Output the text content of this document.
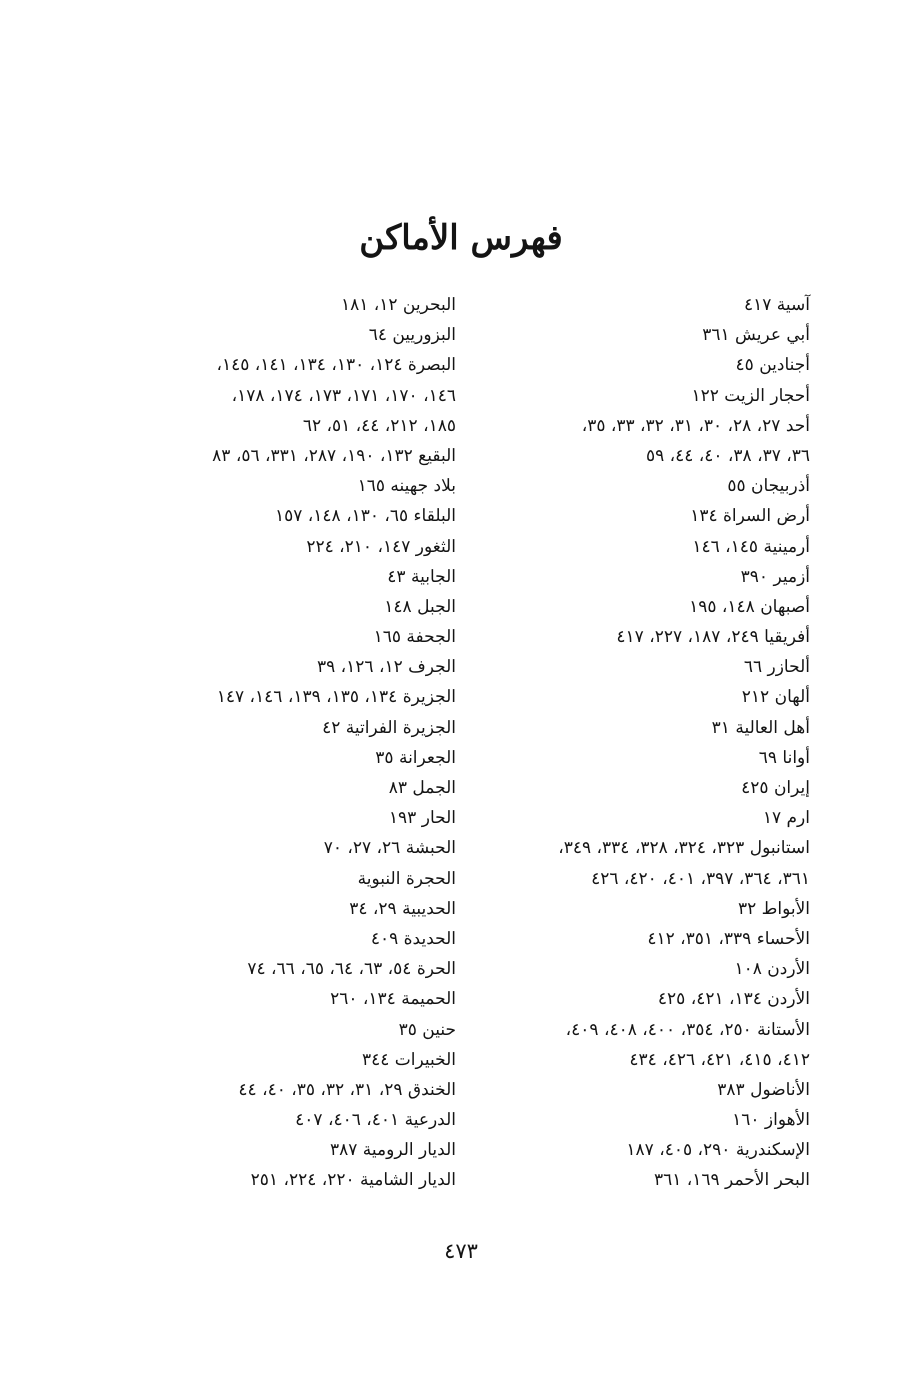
فهرس الأماكن
آسية ٤١٧
أبي عريش ٣٦١
أجنادين ٤٥
أحجار الزيت ١٢٢
أحد ٢٧، ٢٨، ٣٠، ٣١، ٣٢، ٣٣، ٣٥،
٣٦، ٣٧، ٣٨، ٤٠، ٤٤، ٥٩
أذربيجان ٥٥
أرض السراة ١٣٤
أرمينية ١٤٥، ١٤٦
أزمير ٣٩٠
أصبهان ١٤٨، ١٩٥
أفريقيا ٢٤٩، ١٨٧، ٢٢٧، ٤١٧
ألحازر ٦٦
ألهان ٢١٢
أهل العالية ٣١
أوانا ٦٩
إيران ٤٢٥
ارم ١٧
استانبول ٣٢٣، ٣٢٤، ٣٢٨، ٣٣٤، ٣٤٩،
٣٦١، ٣٦٤، ٣٩٧، ٤٠١، ٤٢٠، ٤٢٦
الأبواط ٣٢
الأحساء ٣٣٩، ٣٥١، ٤١٢
الأردن ١٠٨
الأردن ١٣٤، ٤٢١، ٤٢٥
الأستانة ٢٥٠، ٣٥٤، ٤٠٠، ٤٠٨، ٤٠٩،
٤١٢، ٤١٥، ٤٢١، ٤٢٦، ٤٣٤
الأناضول ٣٨٣
الأهواز ١٦٠
الإسكندرية ٢٩٠، ٤٠٥، ١٨٧
البحر الأحمر ١٦٩، ٣٦١
البحرين ١٢، ١٨١
البزوريين ٦٤
البصرة ١٢٤، ١٣٠، ١٣٤، ١٤١، ١٤٥،
١٤٦، ١٧٠، ١٧١، ١٧٣، ١٧٤، ١٧٨،
١٨٥، ٢١٢، ٤٤، ٥١، ٦٢
البقيع ١٣٢، ١٩٠، ٢٨٧، ٣٣١، ٥٦، ٨٣
بلاد جهينه ١٦٥
البلقاء ٦٥، ١٣٠، ١٤٨، ١٥٧
الثغور ١٤٧، ٢١٠، ٢٢٤
الجابية ٤٣
الجبل ١٤٨
الجحفة ١٦٥
الجرف ١٢، ١٢٦، ٣٩
الجزيرة ١٣٤، ١٣٥، ١٣٩، ١٤٦، ١٤٧
الجزيرة الفراتية ٤٢
الجعرانة ٣٥
الجمل ٨٣
الحار ١٩٣
الحبشة ٢٦، ٢٧، ٧٠
الحجرة النبوية
الحديبية ٢٩، ٣٤
الحديدة ٤٠٩
الحرة ٥٤، ٦٣، ٦٤، ٦٥، ٦٦، ٧٤
الحميمة ١٣٤، ٢٦٠
حنين ٣٥
الخبيرات ٣٤٤
الخندق ٢٩، ٣١، ٣٢، ٣٥، ٤٠، ٤٤
الدرعية ٤٠١، ٤٠٦، ٤٠٧
الديار الرومية ٣٨٧
الديار الشامية ٢٢٠، ٢٢٤، ٢٥١
٤٧٣
